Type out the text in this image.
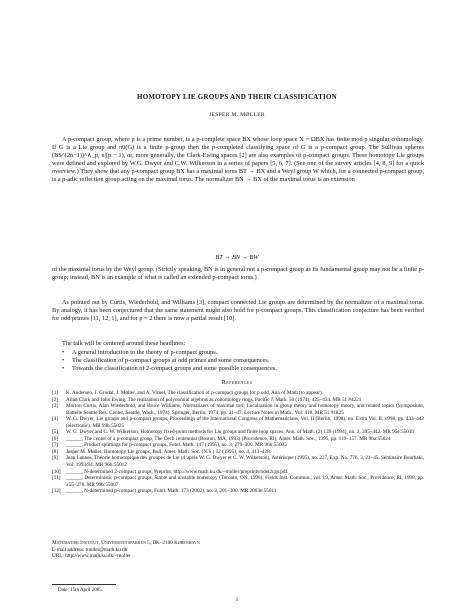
HOMOTOPY LIE GROUPS AND THEIR CLASSIFICATION
JESPER M. MØLLER
A p-compact group, where p is a prime number, is a p-complete space BX whose loop space X = ΩBX has finite mod p singular cohomology. If G is a Lie group and π0(G) is a finite p-group then the p-completed classifying space of G is a p-compact group. The Sullivan spheres (BS^(2n−1))^∧_p, n|(p − 1), or, more generally, the Clark-Ewing spaces [2] are also examples of p-compact groups. These homotopy Lie groups were defined and explored by W.G. Dwyer and C.W. Wilkerson in a series of papers [5, 6, 7]. (See one of the survey articles [4, 8, 9] for a quick overview.) They show that any p-compact group BX has a maximal torus BT → BX and a Weyl group W which, for a connected p-compact group, is a p-adic reflection group acting on the maximal torus. The normalizer BN → BX of the maximal torus is an extension
BT → BN → BW
of the maximal torus by the Weyl group. (Strictly speaking, BN is in general not a p-compact group as its fundamental group may not be a finite p-group; instead, BN is an example of what is called an extended p-compact torus.)
As pointed out by Curtis, Wiederhold, and Williams [3], compact connected Lie groups are determined by the normalizer of a maximal torus. By analogy, it has been conjectured that the same statement might also hold for p-compact groups. This classification conjecture has been verified for odd primes [11, 12, 1], and for p = 2 there is now a partial result [10].
The talk will be centered around these headlines:
• A general introduction to the theory of p-compact groups.
• The classification of p-compact groups at odd primes and some consequences.
• Towards the classification of 2-compact groups and some possible consequences.
References
[1] K. Andersen, J. Grodal, J. Møller, and A. Viruel, The classification of p-compact groups for p odd, Ann of Math (to appear).
[2] Allan Clark and John Ewing, The realization of polynomial algebras as cohomology rings, Pacific J. Math. 50 (1974), 425–434. MR 51 #4221
[3] Morton Curtis, Alan Wiederhold, and Bruce Williams, Normalizers of maximal tori, Localization in group theory and homotopy theory, and related topics (Symposium, Battelle Seattle Res. Center, Seattle, Wash., 1974), Springer, Berlin, 1974, pp. 31–47. Lecture Notes in Math., Vol. 418. MR 51 #1825
[4] W. G. Dwyer, Lie groups and p-compact groups, Proceedings of the International Congress of Mathematicians, Vol. II (Berlin, 1998), no. Extra Vol. II, 1998, pp. 433–442 (electronic). MR 99b:55025
[5] W. G. Dwyer and C. W. Wilkerson, Homotopy fixed-point methods for Lie groups and finite loop spaces, Ann. of Math. (2) 139 (1994), no. 2, 395–442. MR 95e:55019
[6] ______, The center of a p-compact group, The Čech centennial (Boston, MA, 1993) (Providence, RI), Amer. Math. Soc., 1995, pp. 119–157. MR 96a:55024
[7] ______, Product splittings for p-compact groups, Fund. Math. 147 (1995), no. 3, 279–300. MR 96h:55005
[8] Jesper M. Møller, Homotopy Lie groups, Bull. Amer. Math. Soc. (N.S.) 32 (1995), no. 4, 413–428.
[9] Jean Lannes, Théorie homotopique des groupes de Lie (d’après W. G. Dwyer et C. W. Wilkerson), Astérisque (1995), no. 227, Exp. No. 776, 3, 21–45, Séminaire Bourbaki, Vol. 1993/94. MR 96h:55012
[10] ______, N-determined 2-compact groups, Preprint, http://www.math.ku.dk/~moller/preprints/ndet2cgs.pdf.
[11] ______, Deterministic p-compact groups, Stable and unstable homotopy (Toronto, ON, 1996), Fields Inst. Commun., vol. 19, Amer. Math. Soc., Providence, RI, 1998, pp. 255–278. MR 99b:55007
[12] ______, N-determined p-compact groups, Fund. Math. 173 (2002), no. 3, 201–300. MR 2003e:55011
Matematisk Institut, Universitetsparken 5, DK–2100 København
E-mail address: moller@math.ku.dk
URL: http://www.math.ku.dk/~moller
Date: 15th April 2005.
1
